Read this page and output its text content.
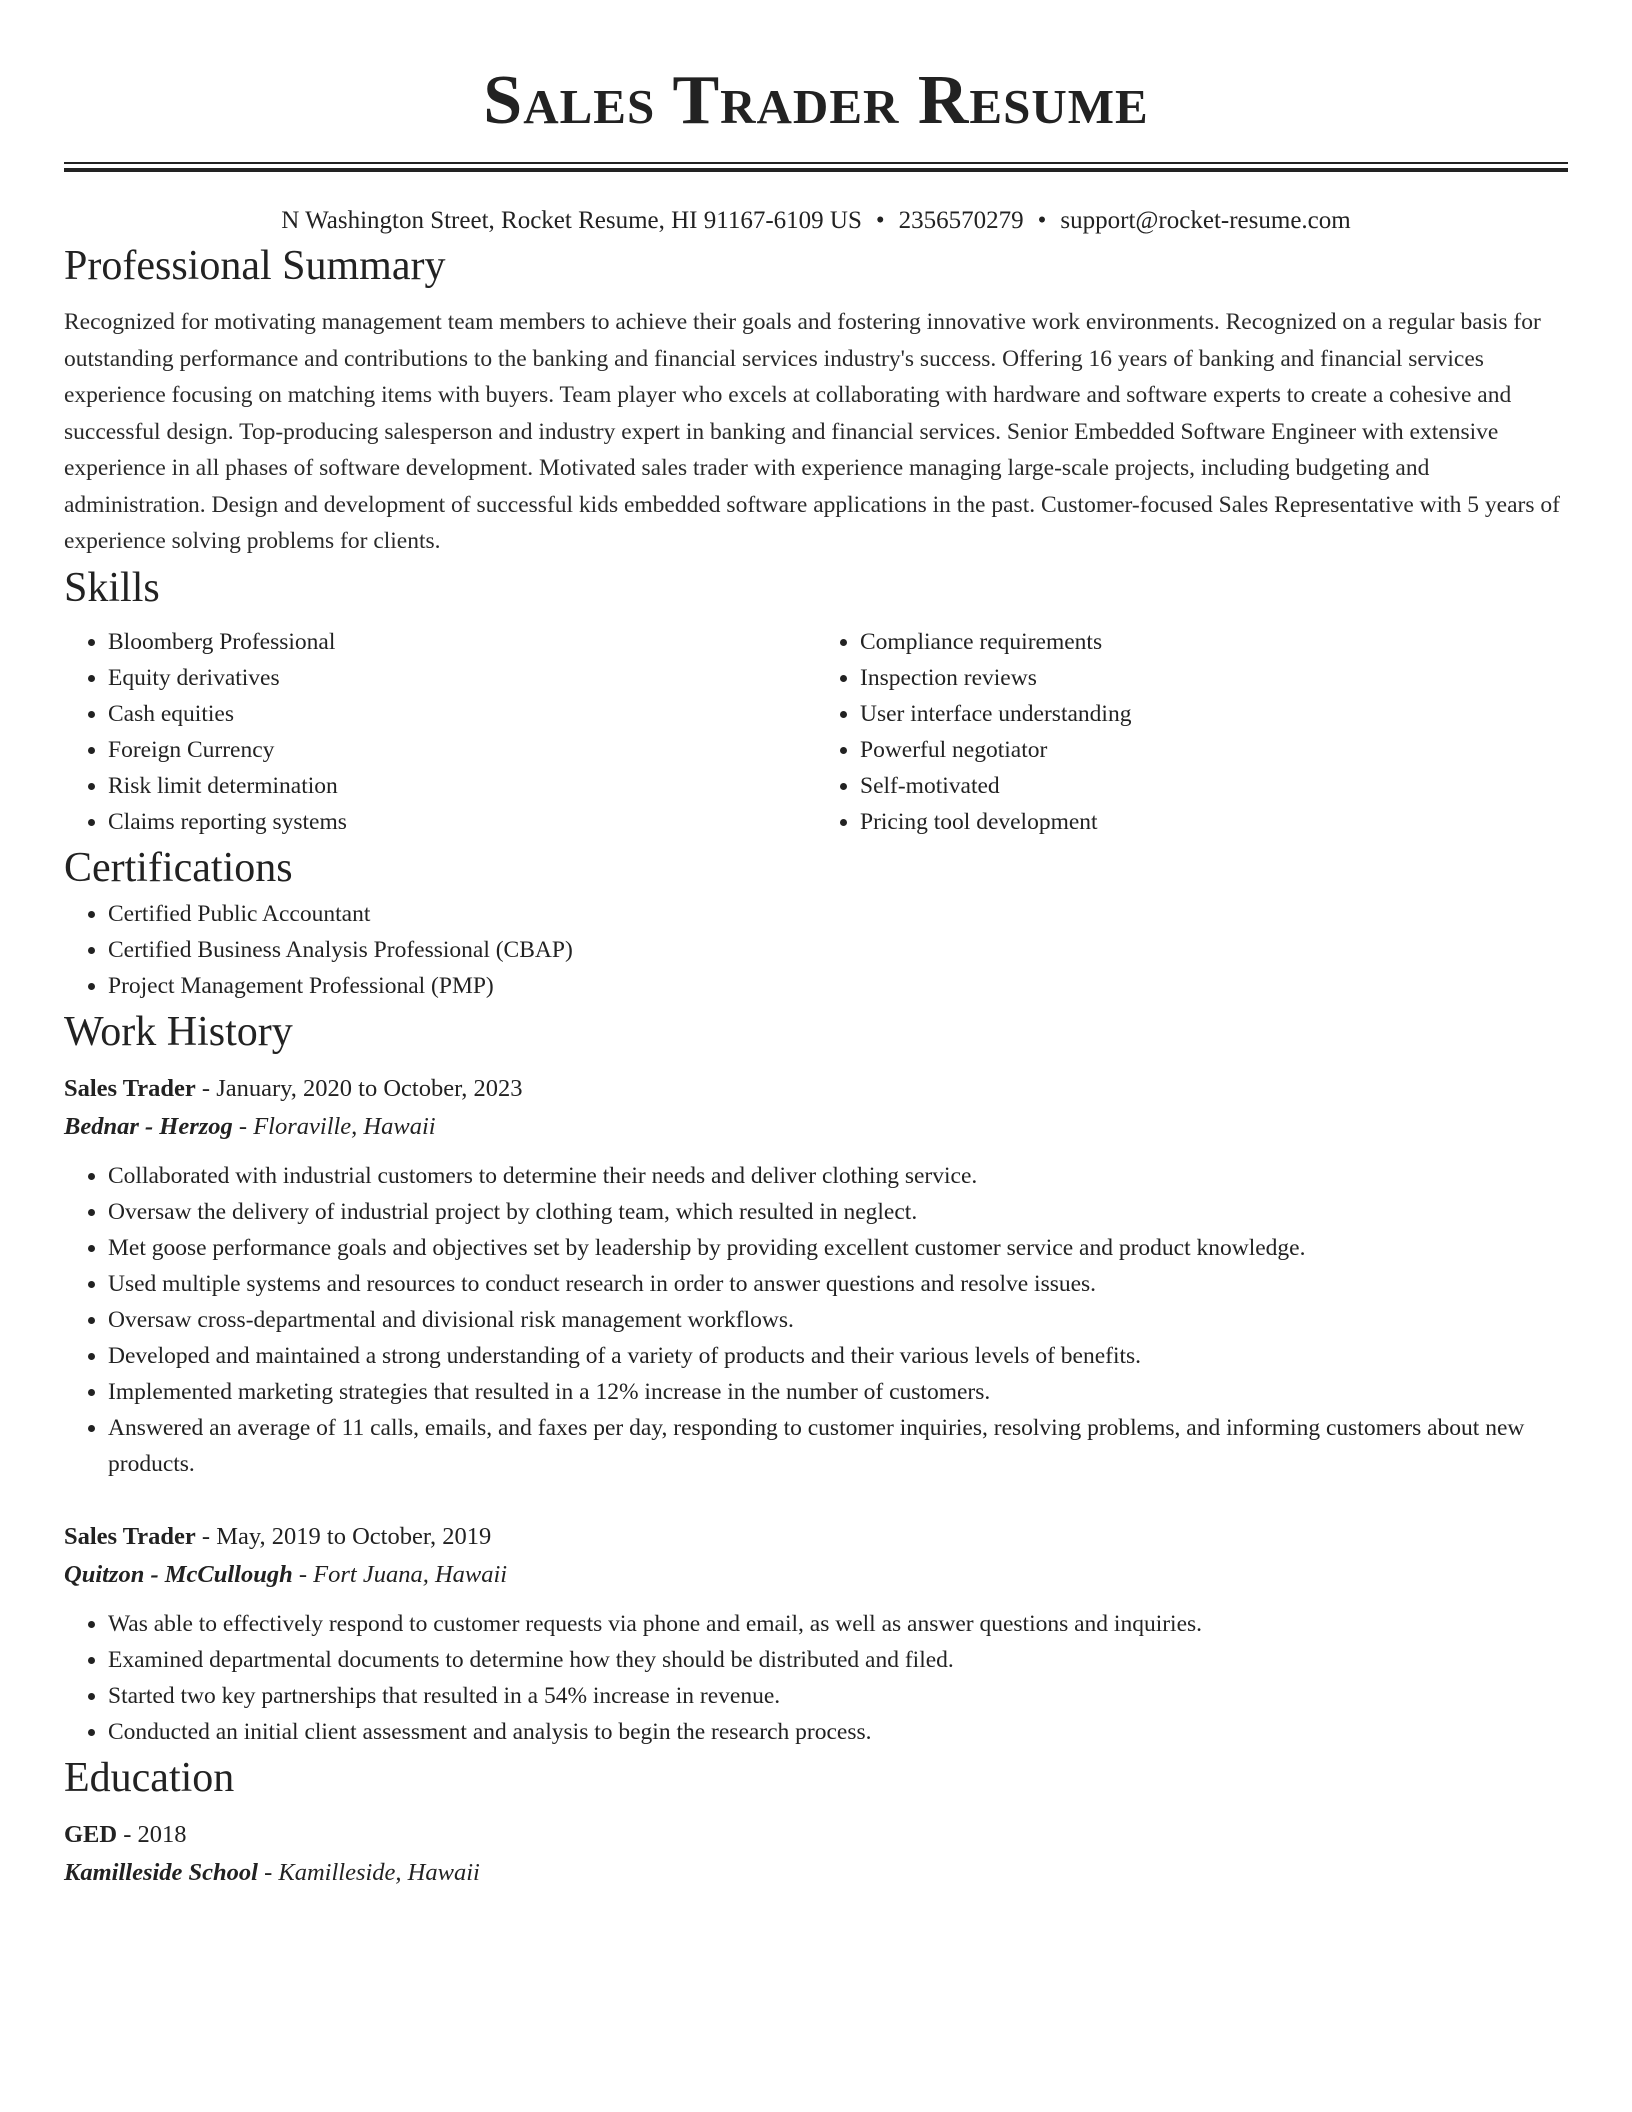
Sales Trader Resume
N Washington Street, Rocket Resume, HI 91167-6109 US • 2356570279 • support@rocket-resume.com
Professional Summary

Recognized for motivating management team members to achieve their goals and fostering innovative work environments. Recognized on a regular basis for outstanding performance and contributions to the banking and financial services industry's success. Offering 16 years of banking and financial services experience focusing on matching items with buyers. Team player who excels at collaborating with hardware and software experts to create a cohesive and successful design. Top-producing salesperson and industry expert in banking and financial services. Senior Embedded Software Engineer with extensive experience in all phases of software development. Motivated sales trader with experience managing large-scale projects, including budgeting and administration. Design and development of successful kids embedded software applications in the past. Customer-focused Sales Representative with 5 years of experience solving problems for clients.

Skills
• Bloomberg Professional
• Equity derivatives
• Cash equities
• Foreign Currency
• Risk limit determination
• Claims reporting systems
• Compliance requirements
• Inspection reviews
• User interface understanding
• Powerful negotiator
• Self-motivated
• Pricing tool development
Certifications
• Certified Public Accountant
• Certified Business Analysis Professional (CBAP)
• Project Management Professional (PMP)
Work History
Sales Trader - January, 2020 to October, 2023
Bednar - Herzog - Floraville, Hawaii
• Collaborated with industrial customers to determine their needs and deliver clothing service.
• Oversaw the delivery of industrial project by clothing team, which resulted in neglect.
• Met goose performance goals and objectives set by leadership by providing excellent customer service and product knowledge.
• Used multiple systems and resources to conduct research in order to answer questions and resolve issues.
• Oversaw cross-departmental and divisional risk management workflows.
• Developed and maintained a strong understanding of a variety of products and their various levels of benefits.
• Implemented marketing strategies that resulted in a 12% increase in the number of customers.
• Answered an average of 11 calls, emails, and faxes per day, responding to customer inquiries, resolving problems, and informing customers about new products.
Sales Trader - May, 2019 to October, 2019
Quitzon - McCullough - Fort Juana, Hawaii
• Was able to effectively respond to customer requests via phone and email, as well as answer questions and inquiries.
• Examined departmental documents to determine how they should be distributed and filed.
• Started two key partnerships that resulted in a 54% increase in revenue.
• Conducted an initial client assessment and analysis to begin the research process.
Education
GED - 2018
Kamilleside School - Kamilleside, Hawaii
